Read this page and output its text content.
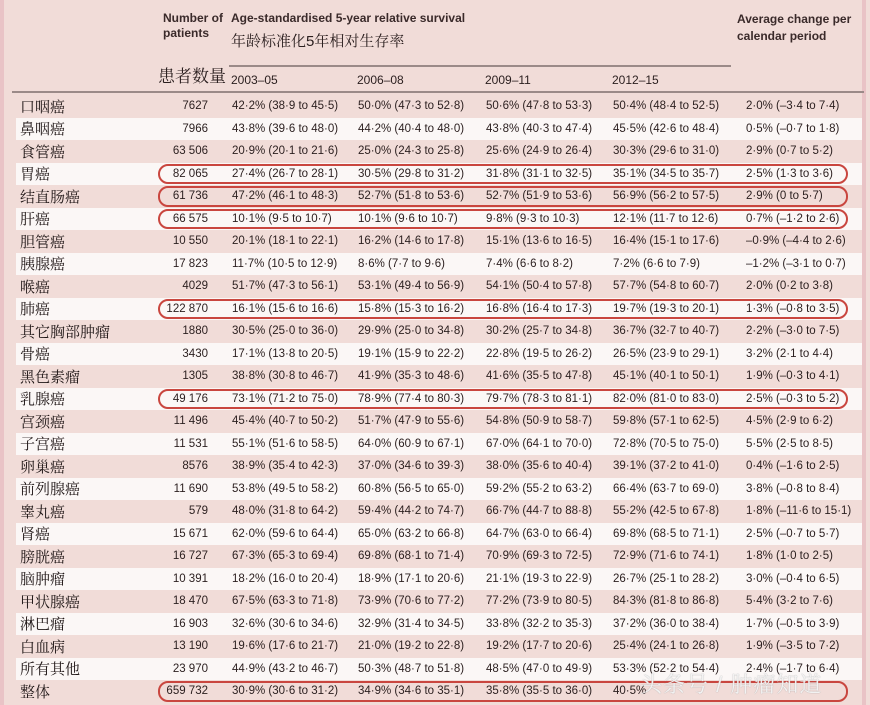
Number of patients
患者数量
Age-standardised 5-year relative survival
年龄标准化5年相对生存率
Average change per calendar period
2003–05	2006–08	2009–11	2012–15
口咽癌	7627	42·2% (38·9 to 45·5) 50·0% (47·3 to 52·8) 50·6% (47·8 to 53·3) 50·4% (48·4 to 52·5) 2·0% (–3·4 to 7·4)
鼻咽癌	7966	43·8% (39·6 to 48·0) 44·2% (40·4 to 48·0) 43·8% (40·3 to 47·4) 45·5% (42·6 to 48·4) 0·5% (–0·7 to 1·8)
食管癌	63 506	20·9% (20·1 to 21·6) 25·0% (24·3 to 25·8) 25·6% (24·9 to 26·4) 30·3% (29·6 to 31·0) 2·9% (0·7 to 5·2)
胃癌	82 065	27·4% (26·7 to 28·1) 30·5% (29·8 to 31·2) 31·8% (31·1 to 32·5) 35·1% (34·5 to 35·7) 2·5% (1·3 to 3·6)
结直肠癌	61 736	47·2% (46·1 to 48·3) 52·7% (51·8 to 53·6) 52·7% (51·9 to 53·6) 56·9% (56·2 to 57·5) 2·9% (0 to 5·7)
肝癌	66 575	10·1% (9·5 to 10·7) 10·1% (9·6 to 10·7) 9·8% (9·3 to 10·3)	12·1% (11·7 to 12·6) 0·7% (–1·2 to 2·6)
胆管癌	10 550	20·1% (18·1 to 22·1) 16·2% (14·6 to 17·8) 15·1% (13·6 to 16·5) 16·4% (15·1 to 17·6) –0·9% (–4·4 to 2·6)
胰腺癌	17 823	11·7% (10·5 to 12·9) 8·6% (7·7 to 9·6)	7·4% (6·6 to 8·2)	7·2% (6·6 to 7·9)	–1·2% (–3·1 to 0·7)
喉癌	4029	51·7% (47·3 to 56·1) 53·1% (49·4 to 56·9) 54·1% (50·4 to 57·8) 57·7% (54·8 to 60·7) 2·0% (0·2 to 3·8)
肺癌	122 870	16·1% (15·6 to 16·6) 15·8% (15·3 to 16·2) 16·8% (16·4 to 17·3) 19·7% (19·3 to 20·1) 1·3% (–0·8 to 3·5)
其它胸部肿瘤	1880	30·5% (25·0 to 36·0) 29·9% (25·0 to 34·8) 30·2% (25·7 to 34·8) 36·7% (32·7 to 40·7) 2·2% (–3·0 to 7·5)
骨癌	3430	17·1% (13·8 to 20·5) 19·1% (15·9 to 22·2) 22·8% (19·5 to 26·2) 26·5% (23·9 to 29·1) 3·2% (2·1 to 4·4)
黑色素瘤	1305	38·8% (30·8 to 46·7) 41·9% (35·3 to 48·6) 41·6% (35·5 to 47·8) 45·1% (40·1 to 50·1) 1·9% (–0·3 to 4·1)
乳腺癌	49 176	73·1% (71·2 to 75·0) 78·9% (77·4 to 80·3) 79·7% (78·3 to 81·1) 82·0% (81·0 to 83·0) 2·5% (–0·3 to 5·2)
宫颈癌	11 496	45·4% (40·7 to 50·2) 51·7% (47·9 to 55·6) 54·8% (50·9 to 58·7) 59·8% (57·1 to 62·5) 4·5% (2·9 to 6·2)
子宫癌	11 531	55·1% (51·6 to 58·5) 64·0% (60·9 to 67·1) 67·0% (64·1 to 70·0) 72·8% (70·5 to 75·0) 5·5% (2·5 to 8·5)
卵巢癌	8576	38·9% (35·4 to 42·3) 37·0% (34·6 to 39·3) 38·0% (35·6 to 40·4) 39·1% (37·2 to 41·0) 0·4% (–1·6 to 2·5)
前列腺癌	11 690	53·8% (49·5 to 58·2) 60·8% (56·5 to 65·0) 59·2% (55·2 to 63·2) 66·4% (63·7 to 69·0) 3·8% (–0·8 to 8·4)
睾丸癌	579	48·0% (31·8 to 64·2) 59·4% (44·2 to 74·7) 66·7% (44·7 to 88·8) 55·2% (42·5 to 67·8) 1·8% (–11·6 to 15·1)
肾癌	15 671	62·0% (59·6 to 64·4) 65·0% (63·2 to 66·8) 64·7% (63·0 to 66·4) 69·8% (68·5 to 71·1) 2·5% (–0·7 to 5·7)
膀胱癌	16 727	67·3% (65·3 to 69·4) 69·8% (68·1 to 71·4) 70·9% (69·3 to 72·5) 72·9% (71·6 to 74·1) 1·8% (1·0 to 2·5)
脑肿瘤	10 391	18·2% (16·0 to 20·4) 18·9% (17·1 to 20·6) 21·1% (19·3 to 22·9) 26·7% (25·1 to 28·2) 3·0% (–0·4 to 6·5)
甲状腺癌	18 470	67·5% (63·3 to 71·8) 73·9% (70·6 to 77·2) 77·2% (73·9 to 80·5) 84·3% (81·8 to 86·8) 5·4% (3·2 to 7·6)
淋巴瘤	16 903	32·6% (30·6 to 34·6) 32·9% (31·4 to 34·5) 33·8% (32·2 to 35·3) 37·2% (36·0 to 38·4) 1·7% (–0·5 to 3·9)
白血病	13 190	19·6% (17·6 to 21·7) 21·0% (19·2 to 22·8) 19·2% (17·7 to 20·6) 25·4% (24·1 to 26·8) 1·9% (–3·5 to 7·2)
所有其他	23 970	44·9% (43·2 to 46·7) 50·3% (48·7 to 51·8) 48·5% (47·0 to 49·9) 53·3% (52·2 to 54·4) 2·4% (–1·7 to 6·4)
整体	659 732	30·9% (30·6 to 31·2) 34·9% (34·6 to 35·1) 35·8% (35·5 to 36·0) 40·5%
头条号 / 肿瘤知道
